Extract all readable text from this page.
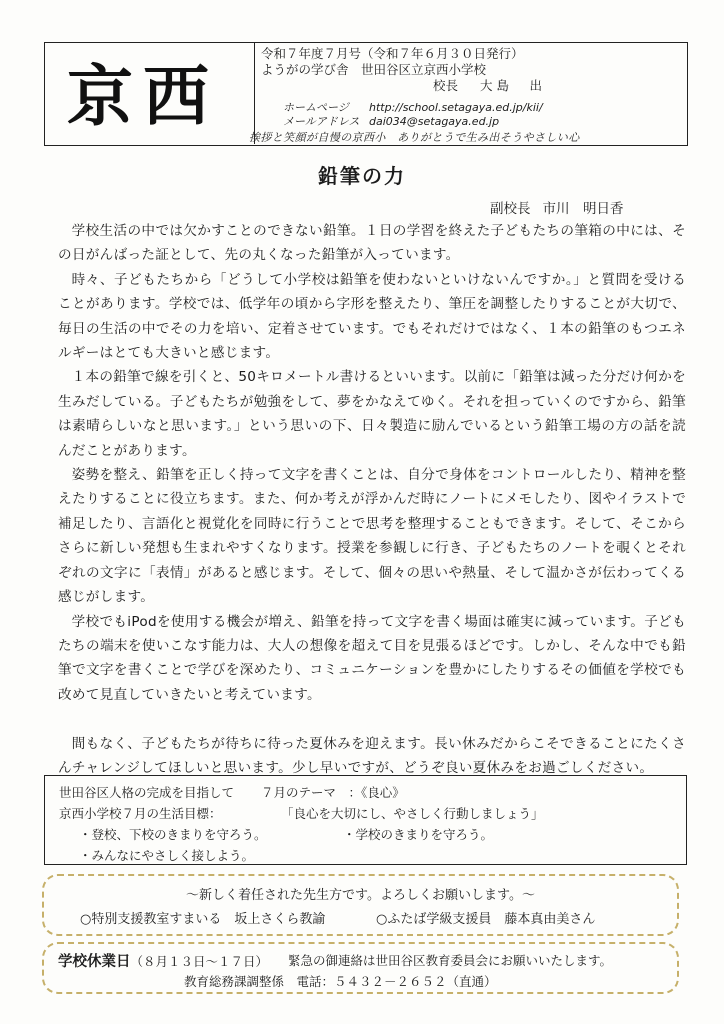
京西
令和７年度７月号（令和７年６月３０日発行）
ようがの学び舎　世田谷区立京西小学校
校長 大島　出
ホームページ http://school.setagaya.ed.jp/kii/
メールアドレス dai034@setagaya.ed.jp
挨拶と笑顔が自慢の京西小　ありがとうで生み出そうやさしい心
鉛筆の力
副校長 市川　明日香

学校生活の中では欠かすことのできない鉛筆。１日の学習を終えた子どもたちの筆箱の中には、その日がんばった証として、先の丸くなった鉛筆が入っています。

時々、子どもたちから「どうして小学校は鉛筆を使わないといけないんですか。」と質問を受けることがあります。学校では、低学年の頃から字形を整えたり、筆圧を調整したりすることが大切で、毎日の生活の中でその力を培い、定着させています。でもそれだけではなく、１本の鉛筆のもつエネルギーはとても大きいと感じます。

１本の鉛筆で線を引くと、50キロメートル書けるといいます。以前に「鉛筆は減った分だけ何かを生みだしている。子どもたちが勉強をして、夢をかなえてゆく。それを担っていくのですから、鉛筆は素晴らしいなと思います。」という思いの下、日々製造に励んでいるという鉛筆工場の方の話を読んだことがあります。

姿勢を整え、鉛筆を正しく持って文字を書くことは、自分で身体をコントロールしたり、精神を整えたりすることに役立ちます。また、何か考えが浮かんだ時にノートにメモしたり、図やイラストで補足したり、言語化と視覚化を同時に行うことで思考を整理することもできます。そして、そこからさらに新しい発想も生まれやすくなります。授業を参観しに行き、子どもたちのノートを覗くとそれぞれの文字に「表情」があると感じます。そして、個々の思いや熱量、そして温かさが伝わってくる感じがします。

学校でもiPodを使用する機会が増え、鉛筆を持って文字を書く場面は確実に減っています。子どもたちの端末を使いこなす能力は、大人の想像を超えて目を見張るほどです。しかし、そんな中でも鉛筆で文字を書くことで学びを深めたり、コミュニケーションを豊かにしたりするその価値を学校でも改めて見直していきたいと考えています。

間もなく、子どもたちが待ちに待った夏休みを迎えます。長い休みだからこそできることにたくさんチャレンジしてほしいと思います。少し早いですが、どうぞ良い夏休みをお過ごしください。

世田谷区人格の完成を目指して ７月のテーマ　：《良心》
京西小学校７月の生活目標：	「良心を大切にし、やさしく行動しましょう」
・登校、下校のきまりを守ろう。	・学校のきまりを守ろう。
・みんなにやさしく接しよう。
～新しく着任された先生方です。よろしくお願いします。～
○特別支援教室すまいる　坂上さくら教諭	○ふたば学級支援員　藤本真由美さん
学校休業日（８月１３日～１７日） 緊急の御連絡は世田谷区教育委員会にお願いいたします。
教育総務課調整係　電話：５４３２－２６５２（直通）
